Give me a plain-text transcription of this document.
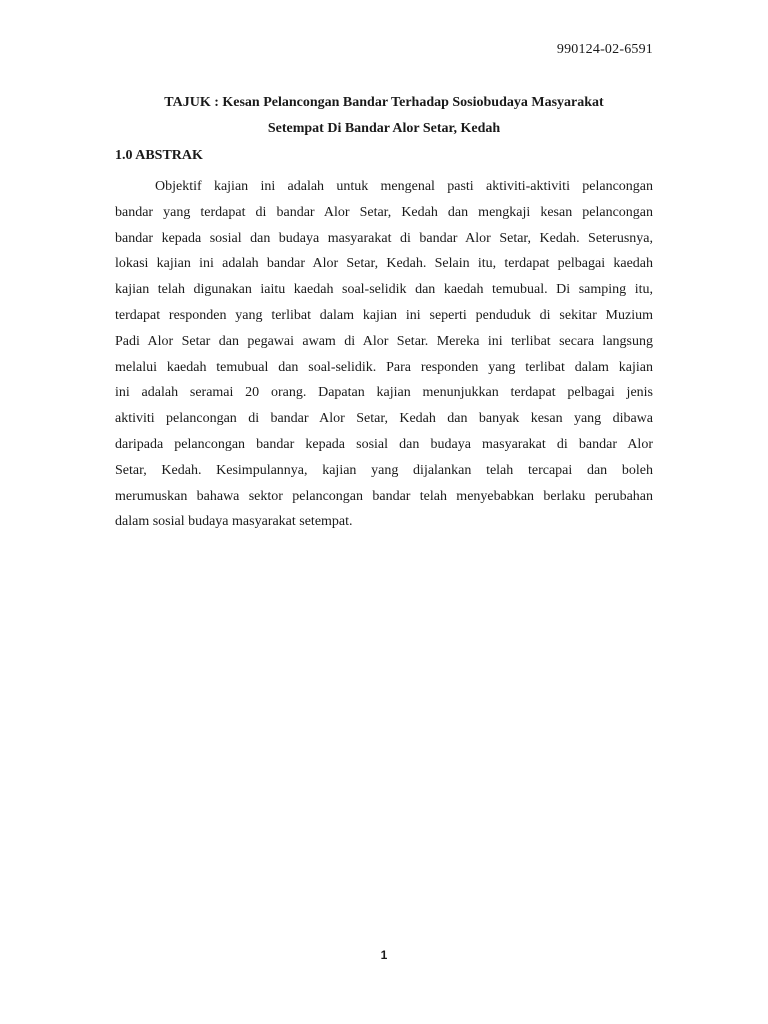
990124-02-6591
TAJUK : Kesan Pelancongan Bandar Terhadap Sosiobudaya Masyarakat
Setempat Di Bandar Alor Setar, Kedah
1.0 ABSTRAK
Objektif kajian ini adalah untuk mengenal pasti aktiviti-aktiviti pelancongan
bandar yang terdapat di bandar Alor Setar, Kedah dan mengkaji kesan pelancongan
bandar kepada sosial dan budaya masyarakat di bandar Alor Setar, Kedah. Seterusnya,
lokasi kajian ini adalah bandar Alor Setar, Kedah. Selain itu, terdapat pelbagai kaedah
kajian telah digunakan iaitu kaedah soal-selidik dan kaedah temubual. Di samping itu,
terdapat responden yang terlibat dalam kajian ini seperti penduduk di sekitar Muzium
Padi Alor Setar dan pegawai awam di Alor Setar. Mereka ini terlibat secara langsung
melalui kaedah temubual dan soal-selidik. Para responden yang terlibat dalam kajian
ini adalah seramai 20 orang. Dapatan kajian menunjukkan terdapat pelbagai jenis
aktiviti pelancongan di bandar Alor Setar, Kedah dan banyak kesan yang dibawa
daripada pelancongan bandar kepada sosial dan budaya masyarakat di bandar Alor
Setar, Kedah. Kesimpulannya, kajian yang dijalankan telah tercapai dan boleh
merumuskan bahawa sektor pelancongan bandar telah menyebabkan berlaku perubahan
dalam sosial budaya masyarakat setempat.
1
